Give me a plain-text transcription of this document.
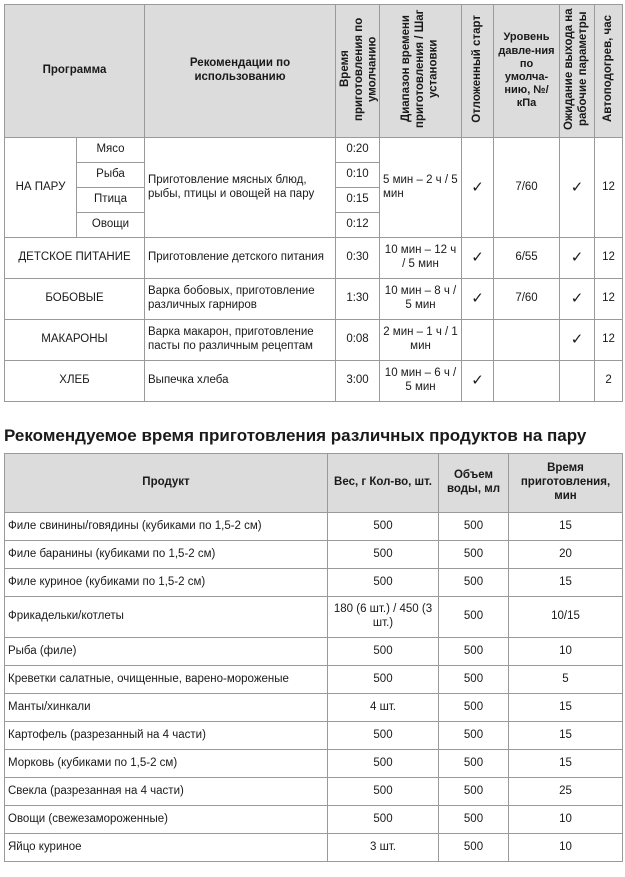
Программа		Рекомендации по использованию	Время приготовления по умолчанию	Диапазон времени приготовления / Шаг установки	Отложенный старт	Уровень давле-ния по умолча-нию, №/ кПа	Ожидание выхода на рабочие параметры	Автоподогрев, час
НА ПАРУ	Мясо	Приготовление мясных блюд, рыбы, птицы и овощей на пару	0:20	5 мин – 2 ч / 5 мин	✓	7/60	✓	12
	Рыба		0:10					
	Птица		0:15					
	Овощи		0:12					
ДЕТСКОЕ ПИТАНИЕ		Приготовление детского питания	0:30	10 мин – 12 ч / 5 мин	✓	6/55	✓	12
БОБОВЫЕ		Варка бобовых, приготовление различных гарниров	1:30	10 мин – 8 ч / 5 мин	✓	7/60	✓	12
МАКАРОНЫ		Варка макарон, приготовление пасты по различным рецептам	0:08	2 мин – 1 ч / 1 мин			✓	12
ХЛЕБ		Выпечка хлеба	3:00	10 мин – 6 ч / 5 мин	✓			2
Рекомендуемое время приготовления различных продуктов на пару
Продукт	Вес, г Кол-во, шт.	Объем воды, мл	Время приготовления, мин
Филе свинины/говядины (кубиками по 1,5-2 см)	500	500	15
Филе баранины (кубиками по 1,5-2 см)	500	500	20
Филе куриное (кубиками по 1,5-2 см)	500	500	15
Фрикадельки/котлеты	180 (6 шт.) / 450 (3 шт.)	500	10/15
Рыба (филе)	500	500	10
Креветки салатные, очищенные, варено-мороженые	500	500	5
Манты/хинкали	4 шт.	500	15
Картофель (разрезанный на 4 части)	500	500	15
Морковь (кубиками по 1,5-2 см)	500	500	15
Свекла (разрезанная на 4 части)	500	500	25
Овощи (свежезамороженные)	500	500	10
Яйцо куриное	3 шт.	500	10
